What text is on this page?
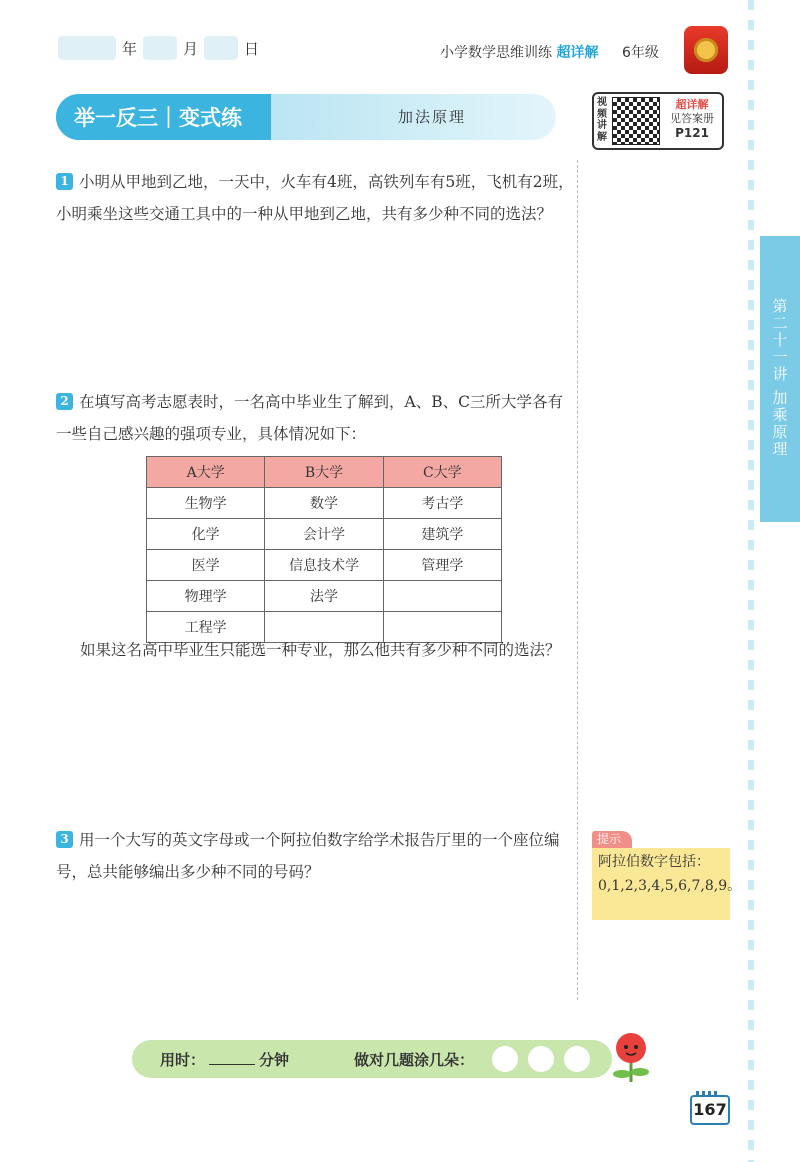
年	月	日	小学数学思维训练 超详解 6年级
举一反三｜变式练	加法原理
视频讲解
超详解
见答案册
P121
第二十一讲 加乘原理
1 小明从甲地到乙地，一天中，火车有4班，高铁列车有5班，飞机有2班，小明乘坐这些交通工具中的一种从甲地到乙地，共有多少种不同的选法？
2 在填写高考志愿表时，一名高中毕业生了解到，A、B、C三所大学各有一些自己感兴趣的强项专业，具体情况如下：
A大学	B大学	C大学
生物学	数学	考古学
化学	会计学	建筑学
医学	信息技术学	管理学
物理学	法学	
工程学		
如果这名高中毕业生只能选一种专业，那么他共有多少种不同的选法？
3 用一个大写的英文字母或一个阿拉伯数字给学术报告厅里的一个座位编号，总共能够编出多少种不同的号码？
提示
阿拉伯数字包括：0,1,2,3,4,5,6,7,8,9。
用时：	分钟	做对几题涂几朵：
167
